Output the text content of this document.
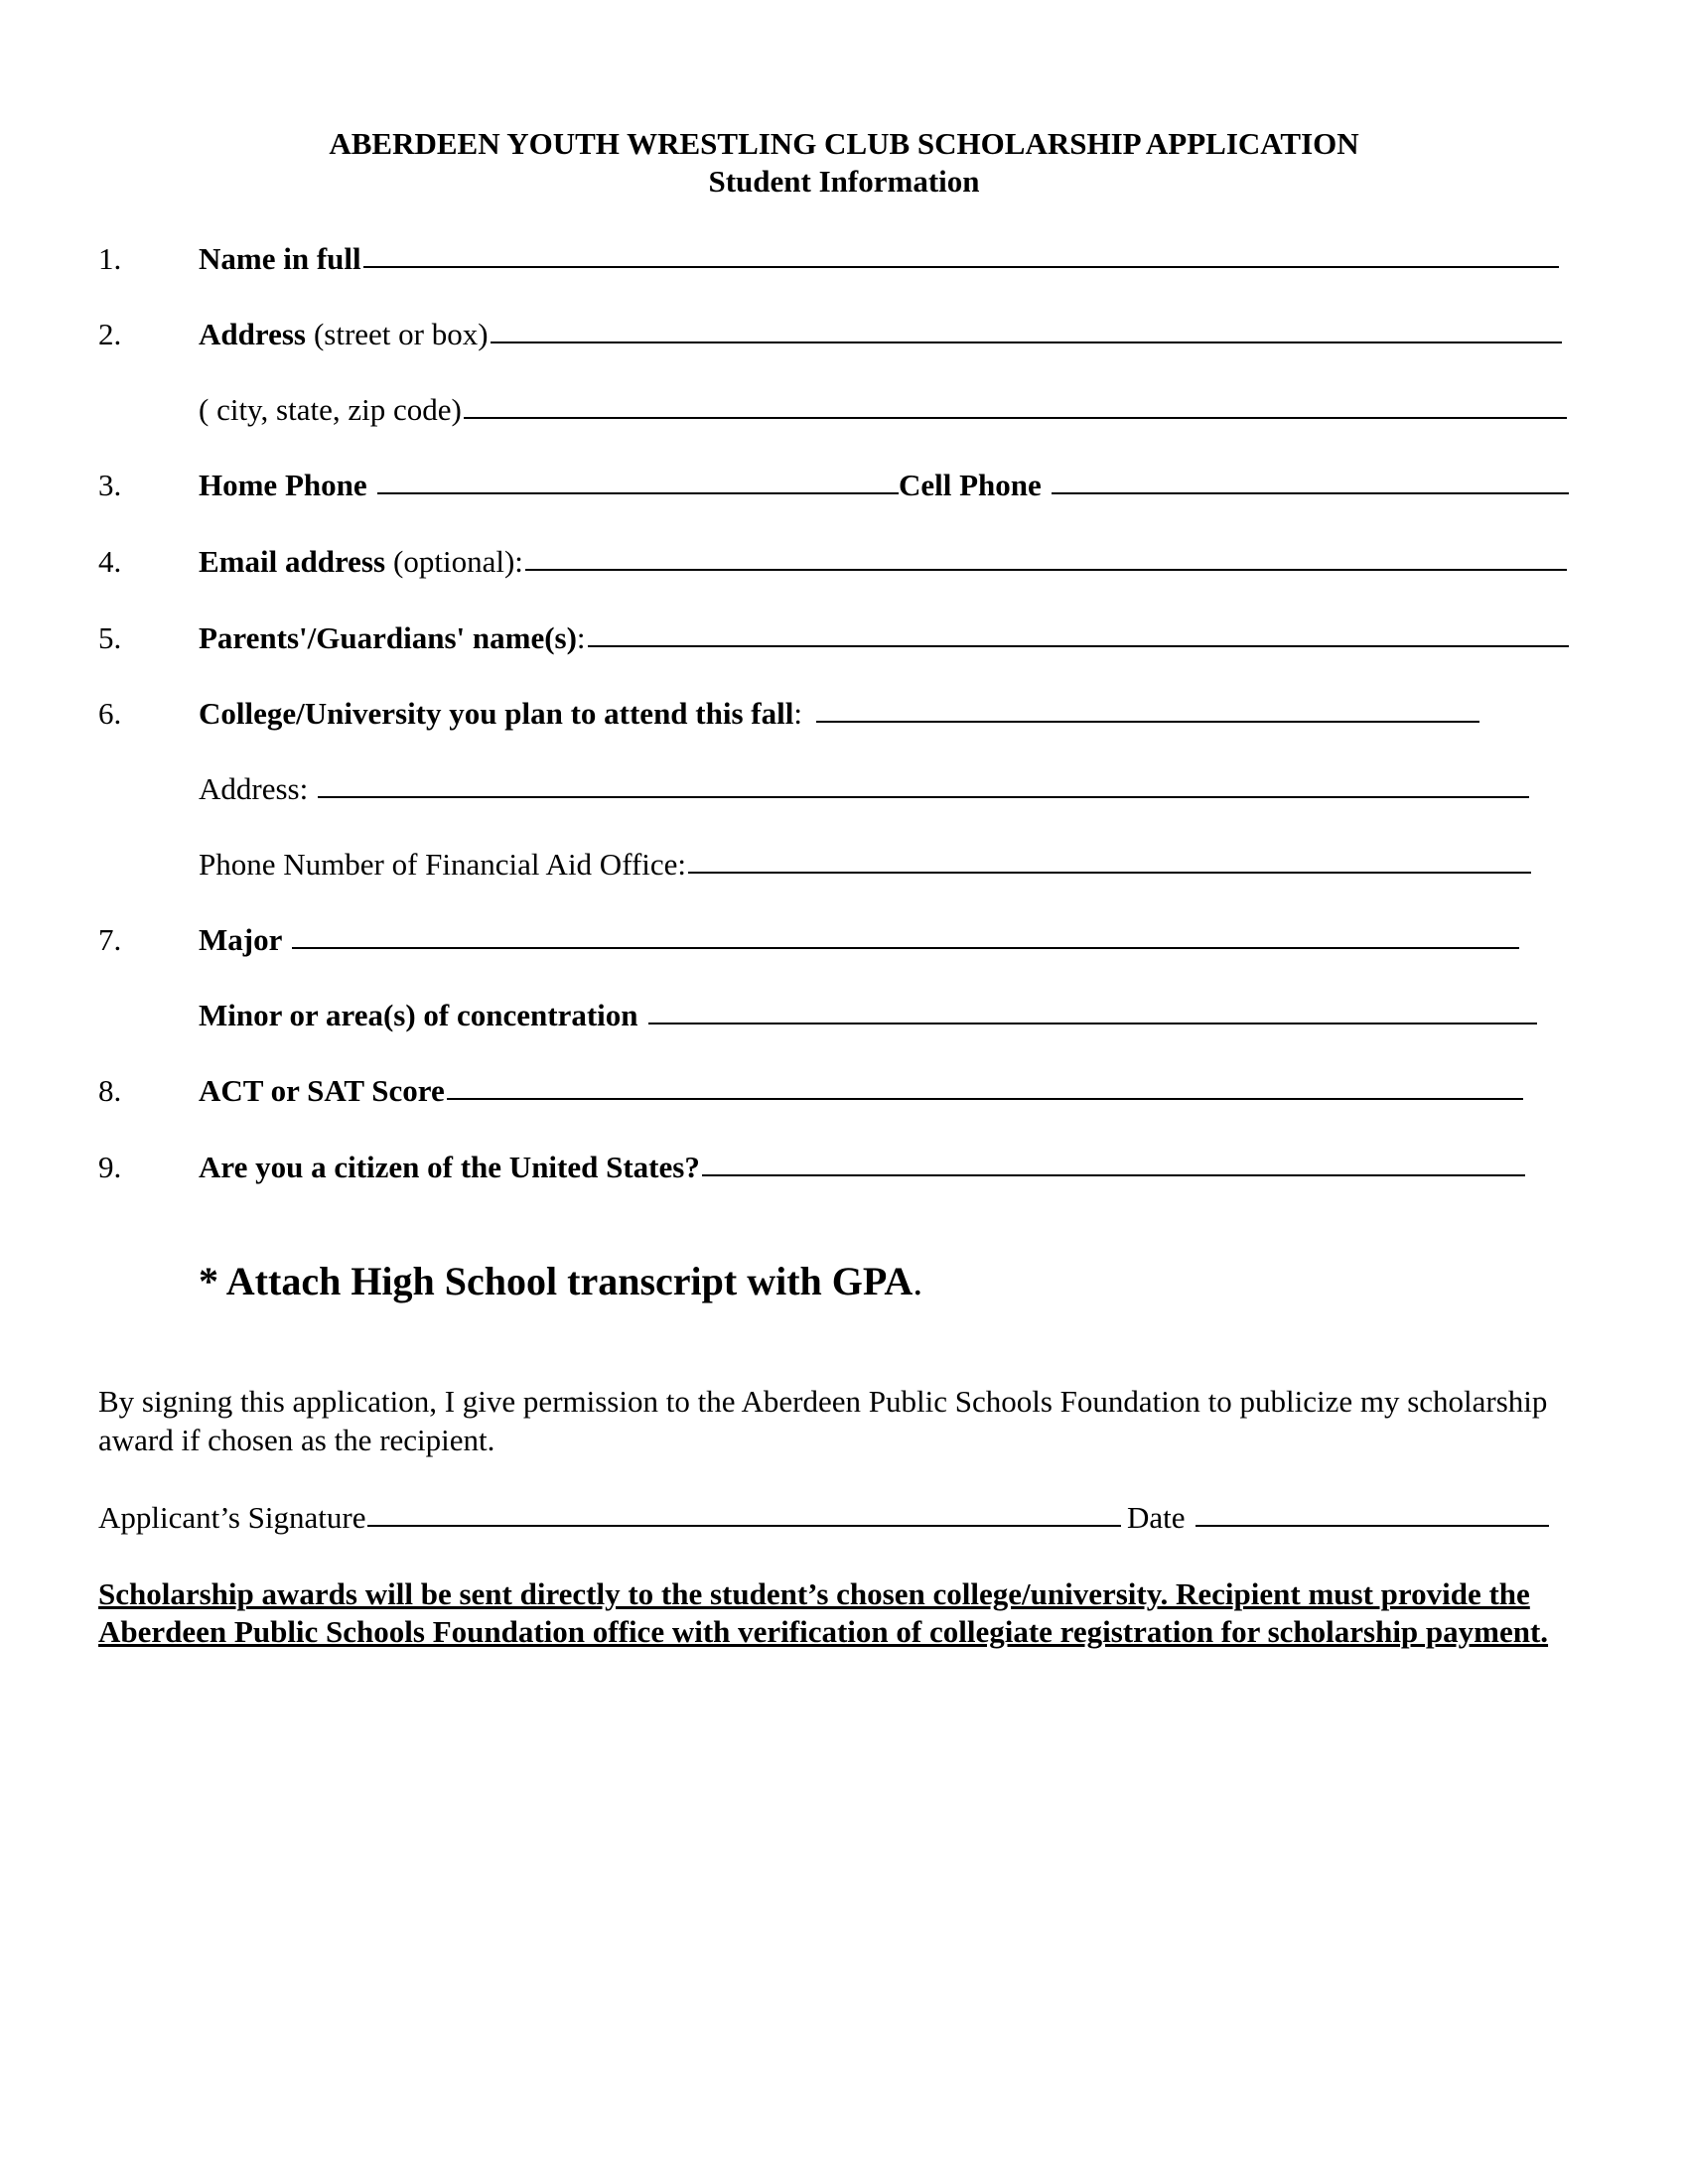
ABERDEEN YOUTH WRESTLING CLUB SCHOLARSHIP APPLICATION
Student Information
1.	Name in full
2.	Address (street or box)
( city, state, zip code)
3.	Home Phone	Cell Phone
4.	Email address (optional):
5.	Parents'/Guardians' name(s) :
6.	College/University you plan to attend this fall :
Address:
Phone Number of Financial Aid Office:
7.	Major
Minor or area(s) of concentration
8.	ACT or SAT Score
9.	Are you a citizen of the United States?
* Attach High School transcript with GPA.
By signing this application, I give permission to the Aberdeen Public Schools Foundation to publicize my scholarship award if chosen as the recipient.
Applicant’s Signature	Date
Scholarship awards will be sent directly to the student’s chosen college/university. Recipient must provide the Aberdeen Public Schools Foundation office with verification of collegiate registration for scholarship payment.
